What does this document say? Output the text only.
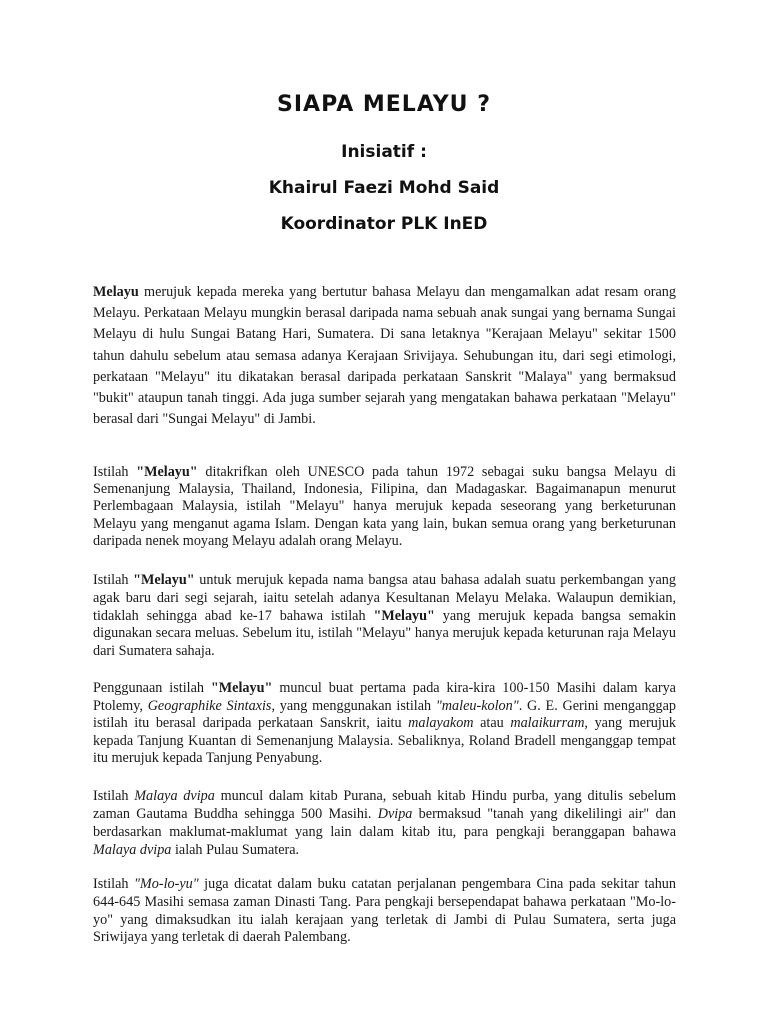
SIAPA MELAYU ?
Inisiatif :
Khairul Faezi Mohd Said
Koordinator PLK InED
Melayu merujuk kepada mereka yang bertutur bahasa Melayu dan mengamalkan adat resam orang Melayu. Perkataan Melayu mungkin berasal daripada nama sebuah anak sungai yang bernama Sungai Melayu di hulu Sungai Batang Hari, Sumatera. Di sana letaknya "Kerajaan Melayu" sekitar 1500 tahun dahulu sebelum atau semasa adanya Kerajaan Srivijaya. Sehubungan itu, dari segi etimologi, perkataan "Melayu" itu dikatakan berasal daripada perkataan Sanskrit "Malaya" yang bermaksud "bukit" ataupun tanah tinggi. Ada juga sumber sejarah yang mengatakan bahawa perkataan "Melayu" berasal dari "Sungai Melayu" di Jambi.
Istilah "Melayu" ditakrifkan oleh UNESCO pada tahun 1972 sebagai suku bangsa Melayu di Semenanjung Malaysia, Thailand, Indonesia, Filipina, dan Madagaskar. Bagaimanapun menurut Perlembagaan Malaysia, istilah "Melayu" hanya merujuk kepada seseorang yang berketurunan Melayu yang menganut agama Islam. Dengan kata yang lain, bukan semua orang yang berketurunan daripada nenek moyang Melayu adalah orang Melayu.
Istilah "Melayu" untuk merujuk kepada nama bangsa atau bahasa adalah suatu perkembangan yang agak baru dari segi sejarah, iaitu setelah adanya Kesultanan Melayu Melaka. Walaupun demikian, tidaklah sehingga abad ke-17 bahawa istilah "Melayu" yang merujuk kepada bangsa semakin digunakan secara meluas. Sebelum itu, istilah "Melayu" hanya merujuk kepada keturunan raja Melayu dari Sumatera sahaja.
Penggunaan istilah "Melayu" muncul buat pertama pada kira-kira 100-150 Masihi dalam karya Ptolemy, Geographike Sintaxis, yang menggunakan istilah "maleu-kolon". G. E. Gerini menganggap istilah itu berasal daripada perkataan Sanskrit, iaitu malayakom atau malaikurram, yang merujuk kepada Tanjung Kuantan di Semenanjung Malaysia. Sebaliknya, Roland Bradell menganggap tempat itu merujuk kepada Tanjung Penyabung.
Istilah Malaya dvipa muncul dalam kitab Purana, sebuah kitab Hindu purba, yang ditulis sebelum zaman Gautama Buddha sehingga 500 Masihi. Dvipa bermaksud "tanah yang dikelilingi air" dan berdasarkan maklumat-maklumat yang lain dalam kitab itu, para pengkaji beranggapan bahawa Malaya dvipa ialah Pulau Sumatera.
Istilah "Mo-lo-yu" juga dicatat dalam buku catatan perjalanan pengembara Cina pada sekitar tahun 644-645 Masihi semasa zaman Dinasti Tang. Para pengkaji bersependapat bahawa perkataan "Mo-lo-yo" yang dimaksudkan itu ialah kerajaan yang terletak di Jambi di Pulau Sumatera, serta juga Sriwijaya yang terletak di daerah Palembang.
